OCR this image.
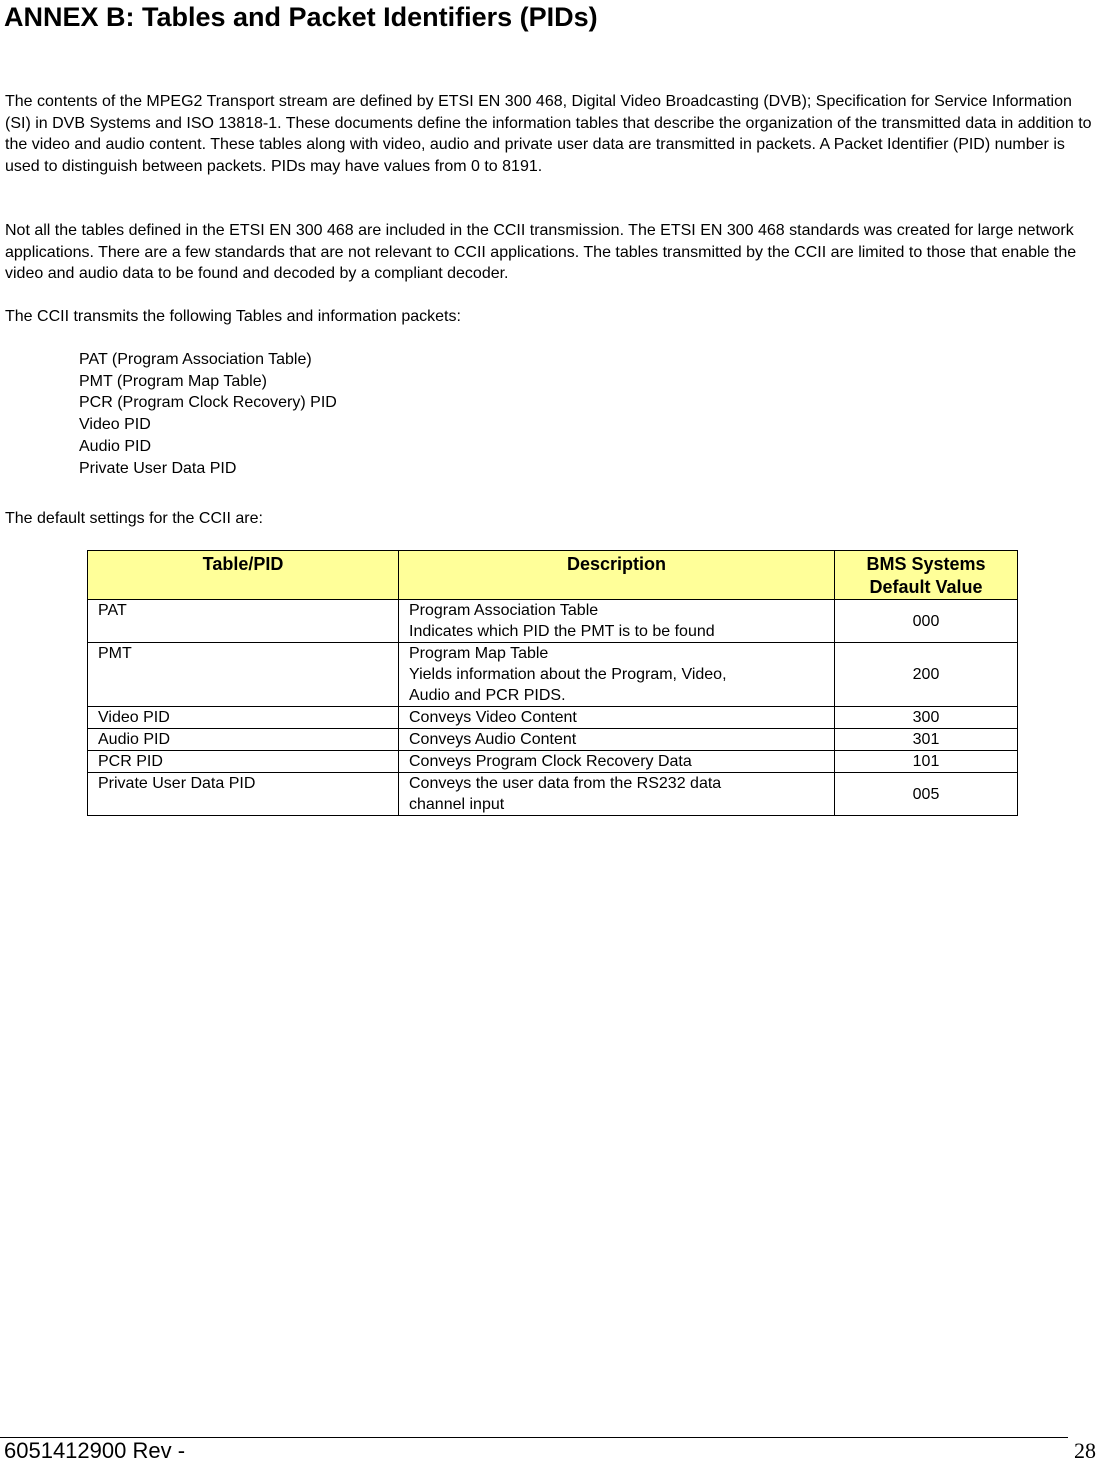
ANNEX B: Tables and Packet Identifiers (PIDs)

The contents of the MPEG2 Transport stream are defined by ETSI EN 300 468, Digital Video Broadcasting (DVB); Specification for Service Information (SI) in DVB Systems and ISO 13818-1. These documents define the information tables that describe the organization of the transmitted data in addition to the video and audio content. These tables along with video, audio and private user data are transmitted in packets. A Packet Identifier (PID) number is used to distinguish between packets. PIDs may have values from 0 to 8191.

Not all the tables defined in the ETSI EN 300 468 are included in the CCII transmission. The ETSI EN 300 468 standards was created for large network applications. There are a few standards that are not relevant to CCII applications. The tables transmitted by the CCII are limited to those that enable the video and audio data to be found and decoded by a compliant decoder.

The CCII transmits the following Tables and information packets:

PAT (Program Association Table)
PMT (Program Map Table)
PCR (Program Clock Recovery) PID
Video PID
Audio PID
Private User Data PID

The default settings for the CCII are:

Table/PID	Description	BMS Systems
Default Value

PAT	Program Association Table
Indicates which PID the PMT is to be found	000
PMT	Program Map Table
Yields information about the Program, Video,
Audio and PCR PIDS.	200
Video PID	Conveys Video Content	300
Audio PID	Conveys Audio Content	301
PCR PID	Conveys Program Clock Recovery Data	101
Private User Data PID	Conveys the user data from the RS232 data
channel input	005
6051412900 Rev -	28
